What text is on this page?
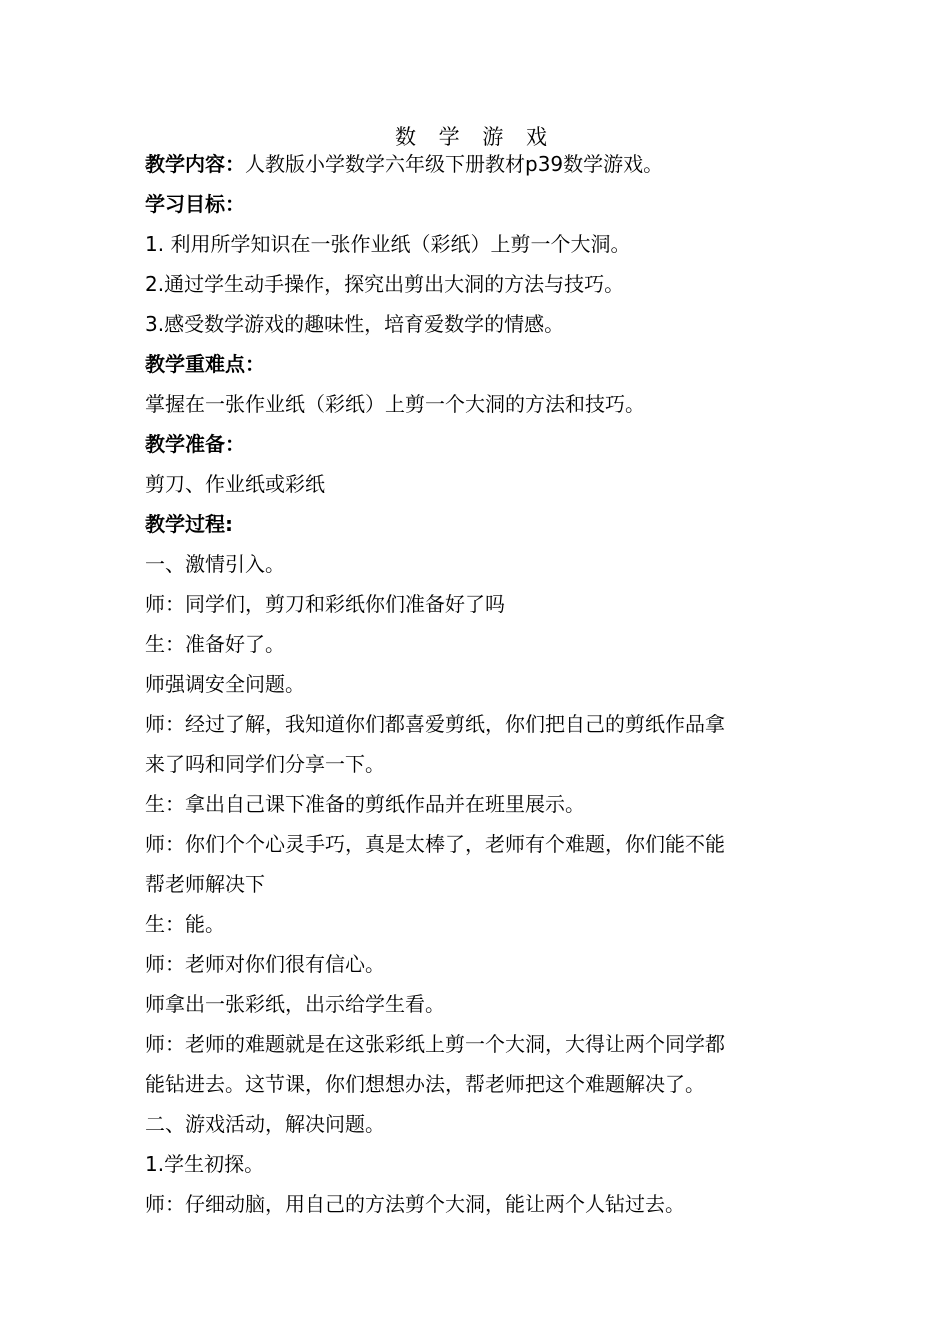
数 学 游 戏
教学内容：人教版小学数学六年级下册教材p39数学游戏。
学习目标：
1. 利用所学知识在一张作业纸（彩纸）上剪一个大洞。
2.通过学生动手操作，探究出剪出大洞的方法与技巧。
3.感受数学游戏的趣味性，培育爱数学的情感。
教学重难点：
掌握在一张作业纸（彩纸）上剪一个大洞的方法和技巧。
教学准备：
剪刀、作业纸或彩纸
教学过程:
一、激情引入。
师：同学们，剪刀和彩纸你们准备好了吗
生：准备好了。
师强调安全问题。
师：经过了解，我知道你们都喜爱剪纸，你们把自己的剪纸作品拿
来了吗和同学们分享一下。
生：拿出自己课下准备的剪纸作品并在班里展示。
师：你们个个心灵手巧，真是太棒了，老师有个难题，你们能不能
帮老师解决下
生：能。
师：老师对你们很有信心。
师拿出一张彩纸，出示给学生看。
师：老师的难题就是在这张彩纸上剪一个大洞，大得让两个同学都
能钻进去。这节课，你们想想办法，帮老师把这个难题解决了。
二、游戏活动，解决问题。
1.学生初探。
师：仔细动脑，用自己的方法剪个大洞，能让两个人钻过去。
